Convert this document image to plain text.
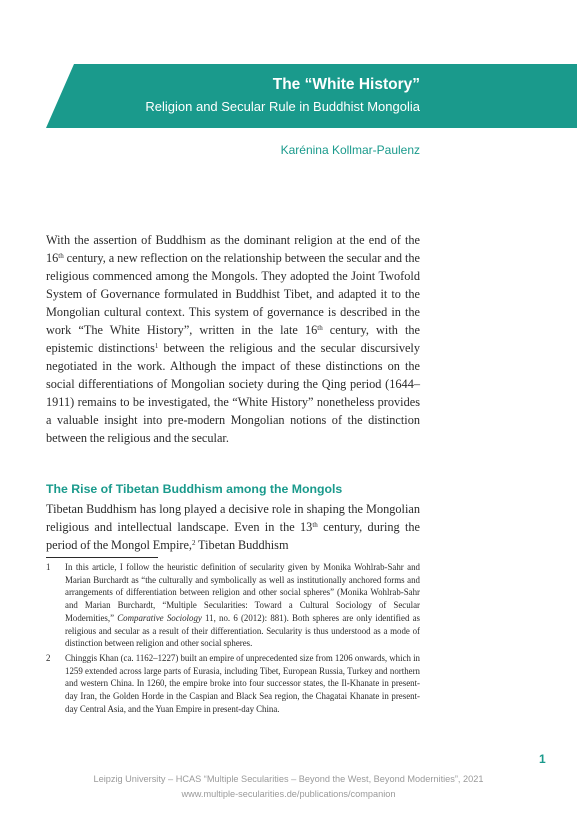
The “White History”
Religion and Secular Rule in Buddhist Mongolia
Karénina Kollmar-Paulenz
With the assertion of Buddhism as the dominant religion at the end of the 16th century, a new reflection on the relationship between the secular and the religious commenced among the Mongols. They adopted the Joint Twofold System of Governance formulated in Buddhist Tibet, and adapted it to the Mongolian cultural context. This system of governance is described in the work “The White History”, written in the late 16th century, with the epistemic distinctions$^1$ between the religious and the secular discursively negotiated in the work. Although the impact of these distinctions on the social differentiations of Mongolian society during the Qing period (1644–1911) remains to be investigated, the “White History” nonetheless provides a valuable insight into pre-modern Mongolian notions of the distinction between the religious and the secular.
The Rise of Tibetan Buddhism among the Mongols
Tibetan Buddhism has long played a decisive role in shaping the Mongolian religious and intellectual landscape. Even in the 13th century, during the period of the Mongol Empire,$^2$ Tibetan Buddhism
1 In this article, I follow the heuristic definition of secularity given by Monika Wohlrab-Sahr and Marian Burchardt as “the culturally and symbolically as well as institutionally anchored forms and arrangements of differentiation between religion and other social spheres” (Monika Wohlrab-Sahr and Marian Burchardt, “Multiple Secularities: Toward a Cultural Sociology of Secular Modernities,” Comparative Sociology 11, no. 6 (2012): 881). Both spheres are only identified as religious and secular as a result of their differentiation. Secularity is thus understood as a mode of distinction between religion and other social spheres.
2 Chinggis Khan (ca. 1162–1227) built an empire of unprecedented size from 1206 onwards, which in 1259 extended across large parts of Eurasia, including Tibet, European Russia, Turkey and northern and western China. In 1260, the empire broke into four successor states, the Il-Khanate in present-day Iran, the Golden Horde in the Caspian and Black Sea region, the Chagatai Khanate in present-day Central Asia, and the Yuan Empire in present-day China.
1
Leipzig University – HCAS “Multiple Secularities – Beyond the West, Beyond Modernities”, 2021
www.multiple-secularities.de/publications/companion
